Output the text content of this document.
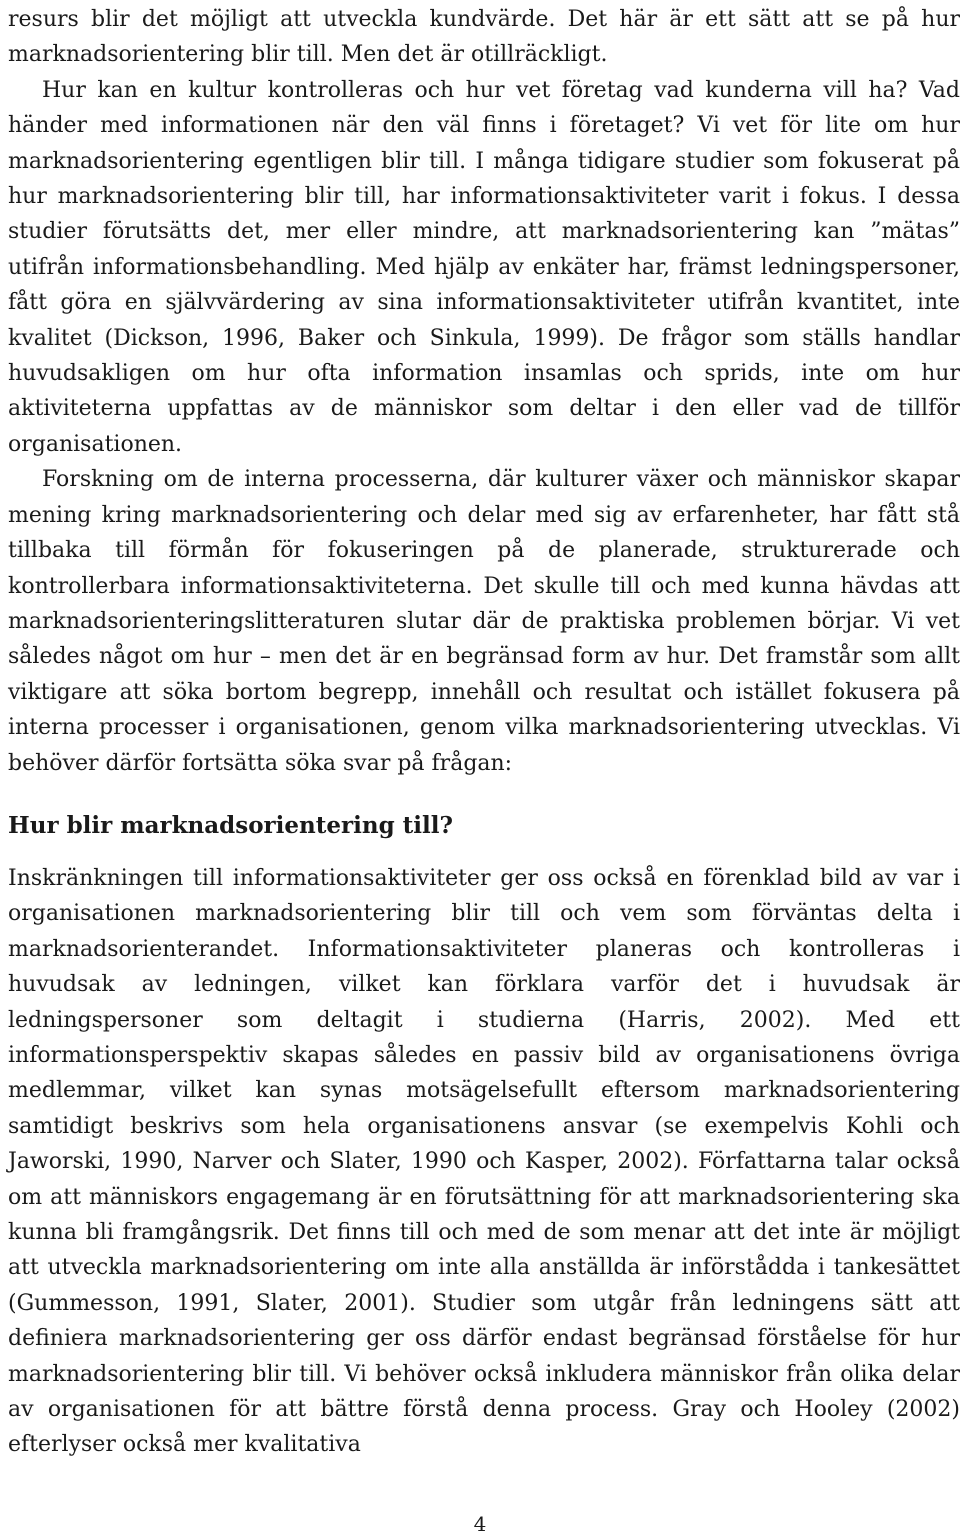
resurs blir det möjligt att utveckla kundvärde. Det här är ett sätt att se på hur marknadsorientering blir till. Men det är otillräckligt.

Hur kan en kultur kontrolleras och hur vet företag vad kunderna vill ha? Vad händer med informationen när den väl finns i företaget? Vi vet för lite om hur marknadsorientering egentligen blir till. I många tidigare studier som fokuserat på hur marknadsorientering blir till, har informationsaktiviteter varit i fokus. I dessa studier förutsätts det, mer eller mindre, att marknadsorientering kan ”mätas” utifrån informationsbehandling. Med hjälp av enkäter har, främst ledningspersoner, fått göra en självvärdering av sina informationsaktiviteter utifrån kvantitet, inte kvalitet (Dickson, 1996, Baker och Sinkula, 1999). De frågor som ställs handlar huvudsakligen om hur ofta information insamlas och sprids, inte om hur aktiviteterna uppfattas av de människor som deltar i den eller vad de tillför organisationen.

Forskning om de interna processerna, där kulturer växer och människor skapar mening kring marknadsorientering och delar med sig av erfarenheter, har fått stå tillbaka till förmån för fokuseringen på de planerade, strukturerade och kontrollerbara informationsaktiviteterna. Det skulle till och med kunna hävdas att marknadsorienteringslitteraturen slutar där de praktiska problemen börjar. Vi vet således något om hur – men det är en begränsad form av hur. Det framstår som allt viktigare att söka bortom begrepp, innehåll och resultat och istället fokusera på interna processer i organisationen, genom vilka marknadsorientering utvecklas. Vi behöver därför fortsätta söka svar på frågan:

Hur blir marknadsorientering till?

Inskränkningen till informationsaktiviteter ger oss också en förenklad bild av var i organisationen marknadsorientering blir till och vem som förväntas delta i marknadsorienterandet. Informationsaktiviteter planeras och kontrolleras i huvudsak av ledningen, vilket kan förklara varför det i huvudsak är ledningspersoner som deltagit i studierna (Harris, 2002). Med ett informationsperspektiv skapas således en passiv bild av organisationens övriga medlemmar, vilket kan synas motsägelsefullt eftersom marknadsorientering samtidigt beskrivs som hela organisationens ansvar (se exempelvis Kohli och Jaworski, 1990, Narver och Slater, 1990 och Kasper, 2002). Författarna talar också om att människors engagemang är en förutsättning för att marknadsorientering ska kunna bli framgångsrik. Det finns till och med de som menar att det inte är möjligt att utveckla marknadsorientering om inte alla anställda är införstådda i tankesättet (Gummesson, 1991, Slater, 2001). Studier som utgår från ledningens sätt att definiera marknadsorientering ger oss därför endast begränsad förståelse för hur marknadsorientering blir till. Vi behöver också inkludera människor från olika delar av organisationen för att bättre förstå denna process. Gray och Hooley (2002) efterlyser också mer kvalitativa

4
